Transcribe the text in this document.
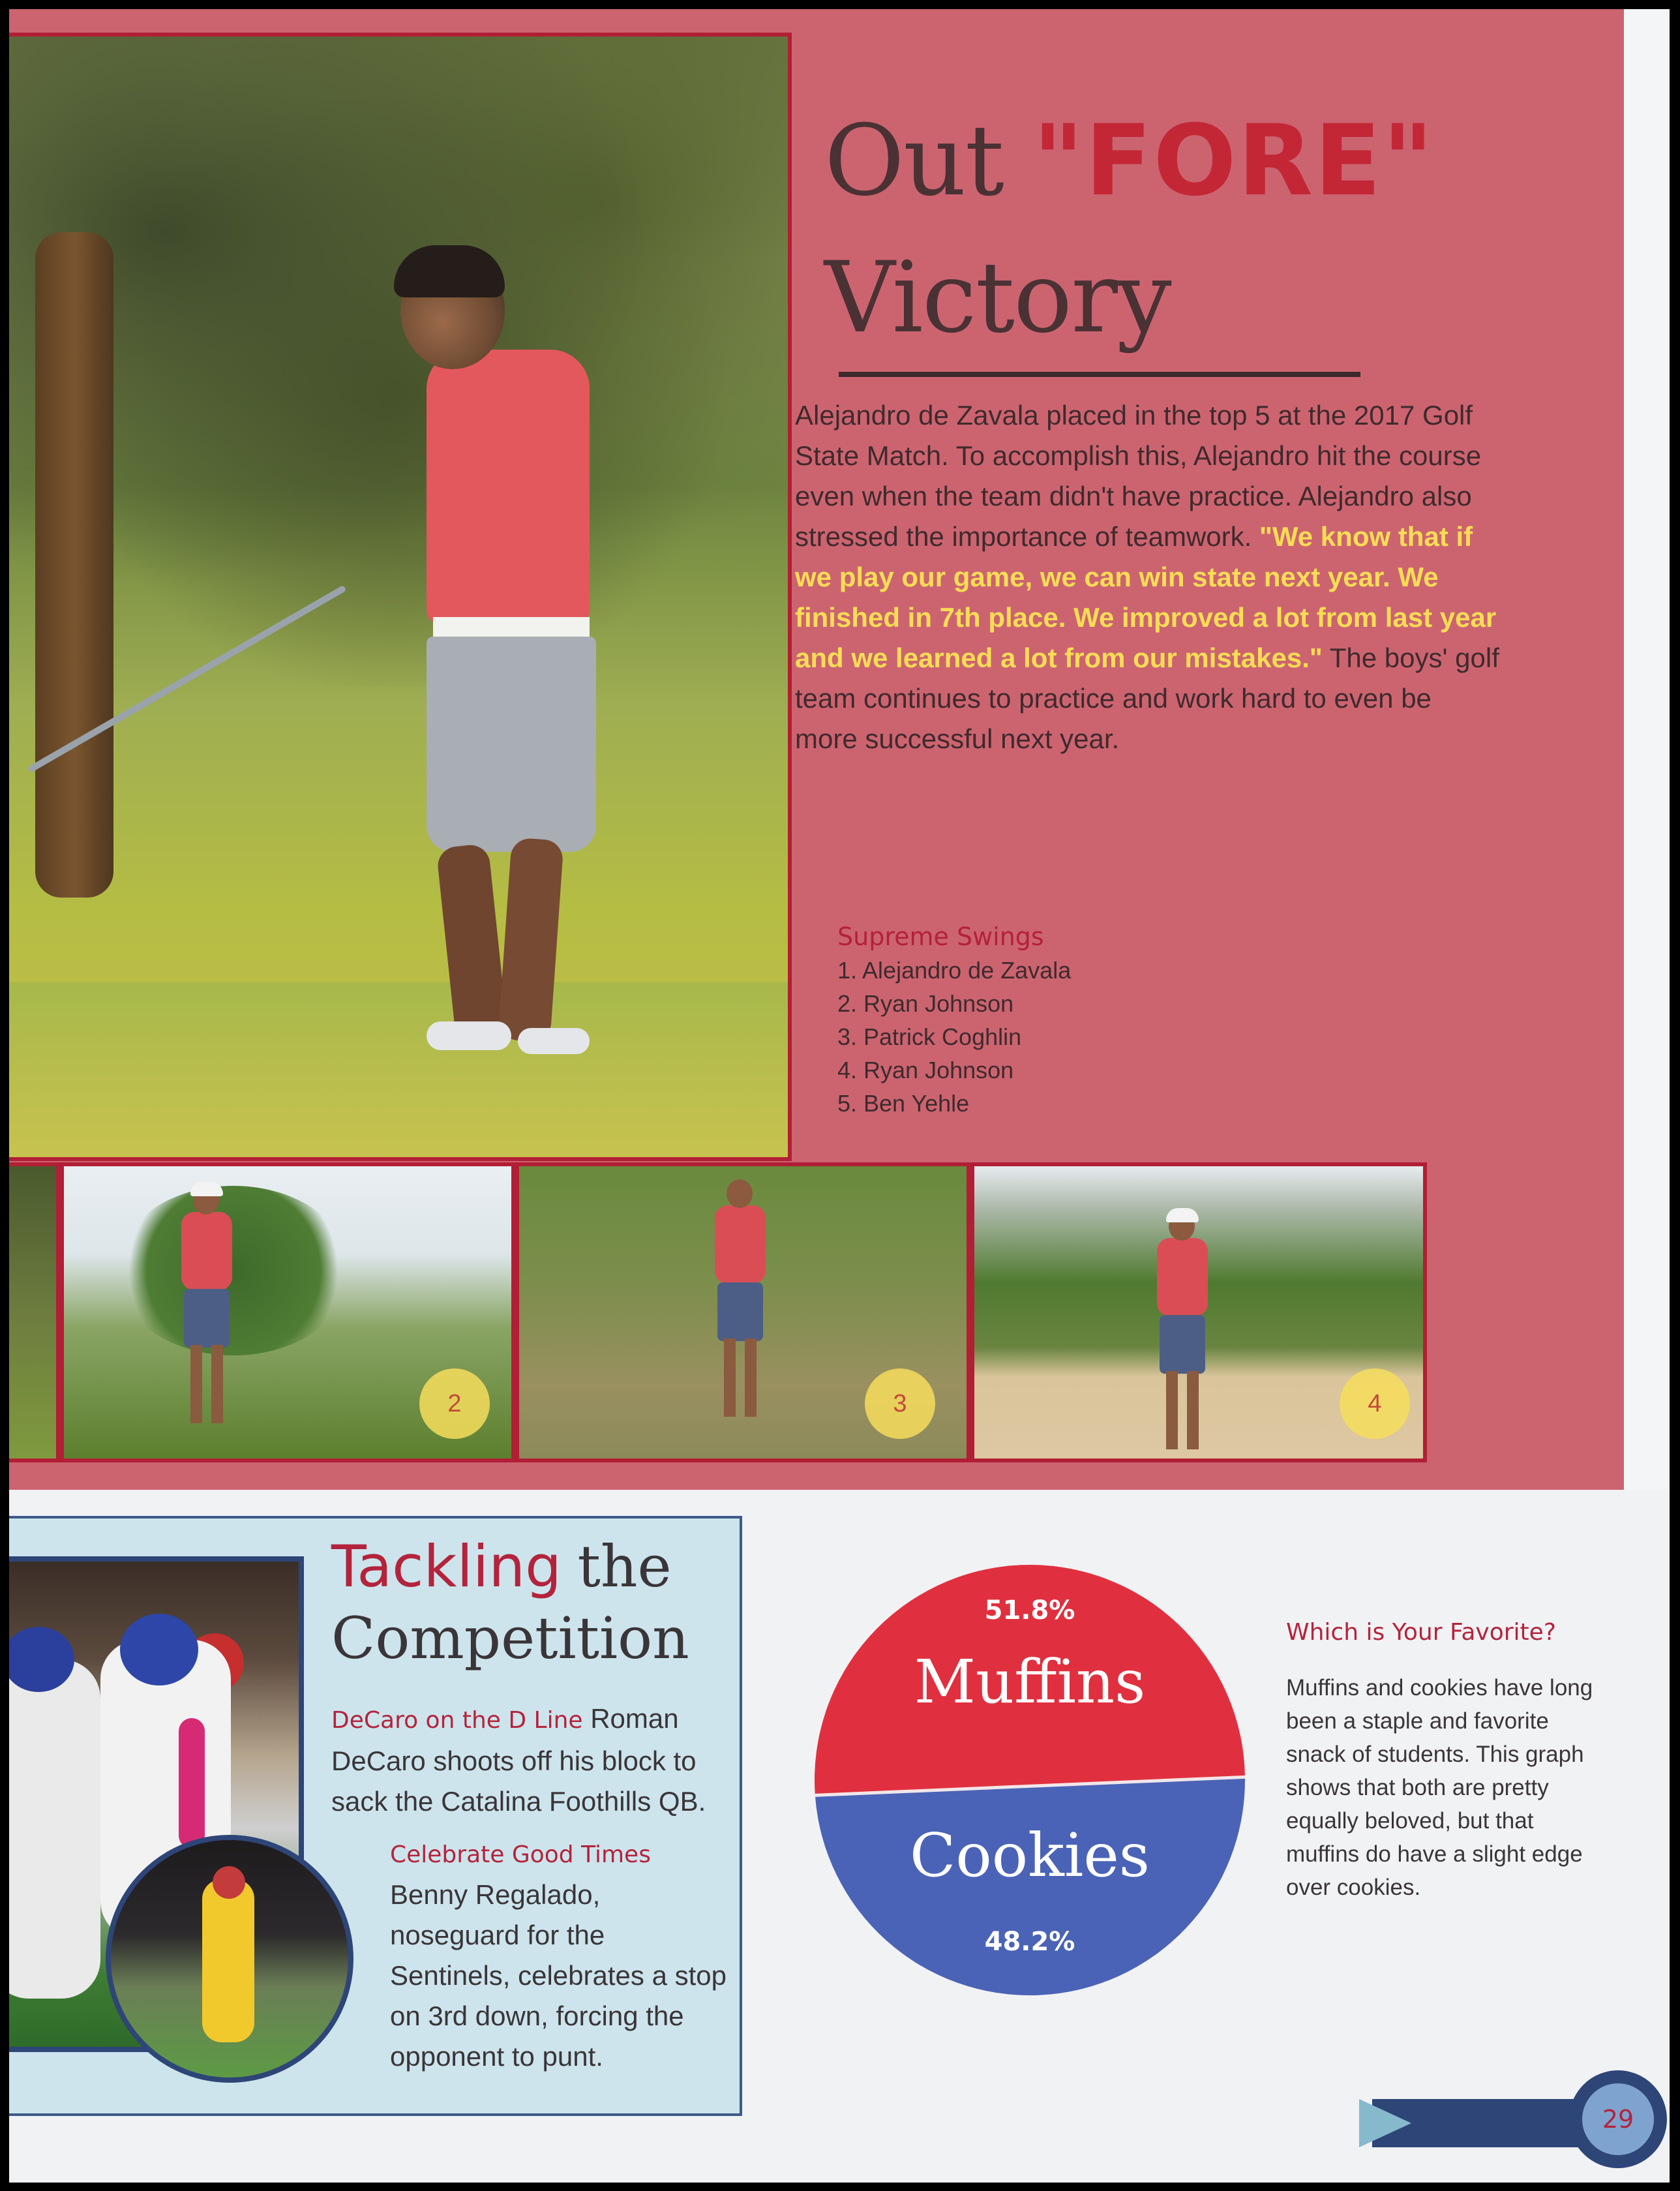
Out "FORE"
Victory
Alejandro de Zavala placed in the top 5 at the 2017 Golf State Match. To accomplish this, Alejandro hit the course even when the team didn't have practice. Alejandro also stressed the importance of teamwork. "We know that if we play our game, we can win state next year. We finished in 7th place. We improved a lot from last year and we learned a lot from our mistakes." The boys' golf team continues to practice and work hard to even be more successful next year.
Supreme Swings
1. Alejandro de Zavala
2. Ryan Johnson
3. Patrick Coghlin
4. Ryan Johnson
5. Ben Yehle
2	3	4
Tackling the
Competition
DeCaro on the D Line Roman DeCaro shoots off his block to sack the Catalina Foothills QB.
Celebrate Good Times
Benny Regalado, noseguard for the Sentinels, celebrates a stop on 3rd down, forcing the opponent to punt.
51.8%
Muffins
Cookies
48.2%
Which is Your Favorite?
Muffins and cookies have long been a staple and favorite snack of students. This graph shows that both are pretty equally beloved, but that muffins do have a slight edge over cookies.
29
